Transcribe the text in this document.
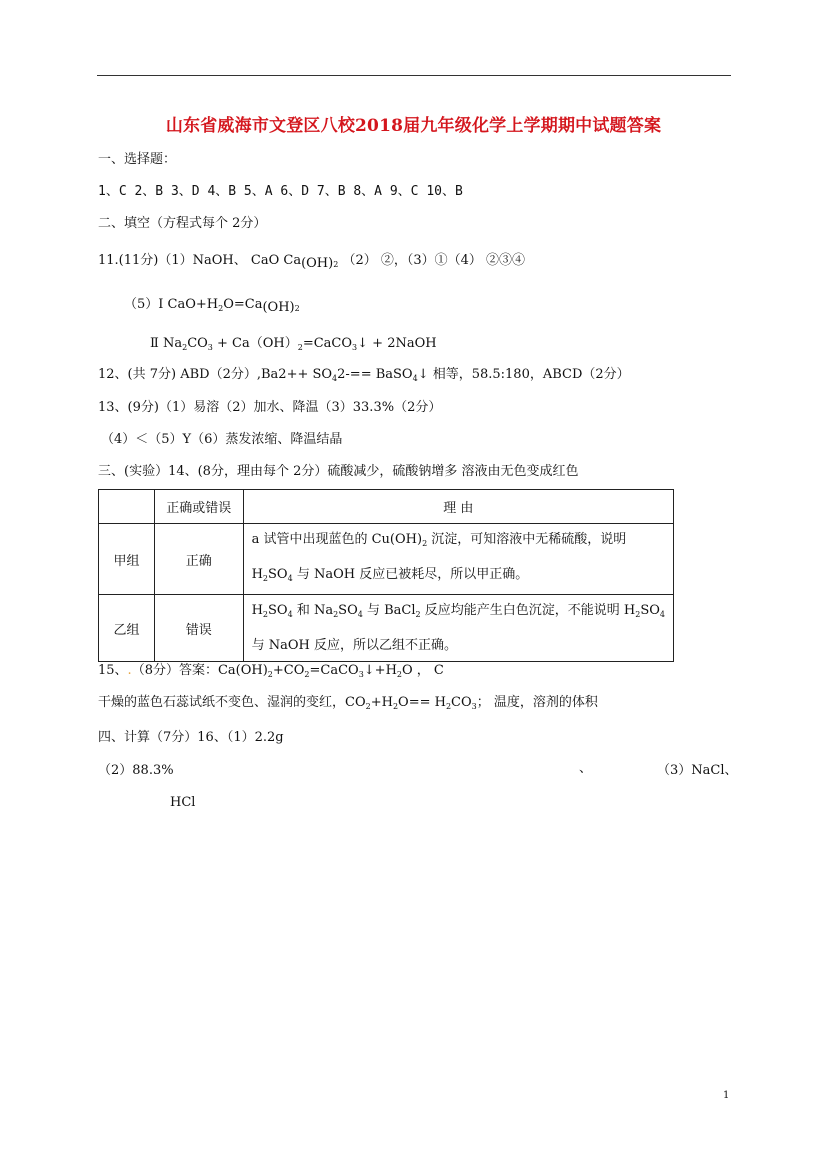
山东省威海市文登区八校2018届九年级化学上学期期中试题答案
一、选择题：
1、C 2、B 3、D 4、B 5、A 6、D 7、B 8、A 9、C 10、B
二、填空（方程式每个 2分）
11.(11分)（1）NaOH、 CaO $Ca(OH)_2$ （2） ②，（3）①（4） ②③④
（5）Ⅰ $CaO+H_2O=Ca(OH)_2$
Ⅱ $Na_2CO_3$ + $Ca(OH)_2=CaCO_3↓$ + 2NaOH
12、(共 7分) ABD（2分）$,Ba2++ SO_42-==$ BaSO$_4$↓ 相等，58.5:180，ABCD（2分）
13、(9分)（1）易溶（2）加水、降温（3）33.3%（2分）
（4）＜（5）Y（6）蒸发浓缩、降温结晶
三、(实验）14、(8分，理由每个 2分）硫酸减少，硫酸钠增多 溶液由无色变成红色
	正确或错误	理 由
甲组	正确	a 试管中出现蓝色的 $Cu(OH)_2$ 沉淀，可知溶液中无稀硫酸，说明
$H_2SO_4$ 与 NaOH 反应已被耗尽，所以甲正确。

乙组	错误	$H_2SO_4$ 和 $Na_2SO_4$ 与 BaCl$_2$ 反应均能产生白色沉淀，不能说明 $H_2SO_4$
与 NaOH 反应，所以乙组不正确。
15、.（8分）答案：$Ca(OH)_2+CO_2=CaCO_3↓+H_2O$ ， C
干燥的蓝色石蕊试纸不变色、湿润的变红，$CO_2+H_2O== H_2CO_3$； 温度，溶剂的体积
四、计算（7分）16、（1）2.2g
（2）88.3%	、	（3）NaCl、
HCl
1
